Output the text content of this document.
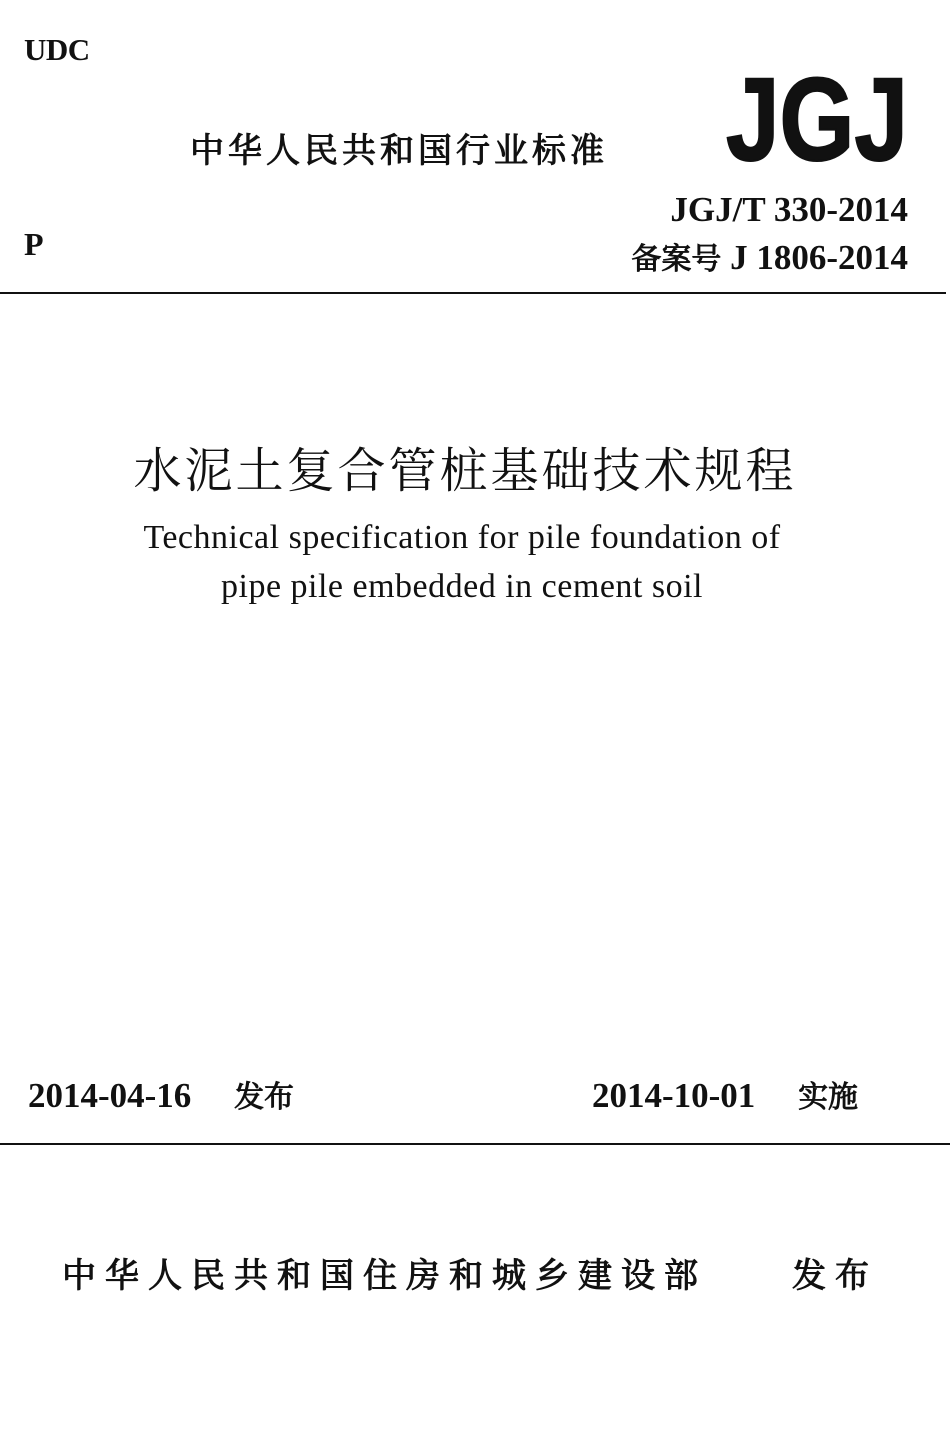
UDC
中华人民共和国行业标准 JGJ
JGJ/T 330-2014
P	备案号 J 1806-2014
水泥土复合管桩基础技术规程
Technical specification for pile foundation of
pipe pile embedded in cement soil
2014-04-16 发布	2014-10-01 实施
中华人民共和国住房和城乡建设部	发布
